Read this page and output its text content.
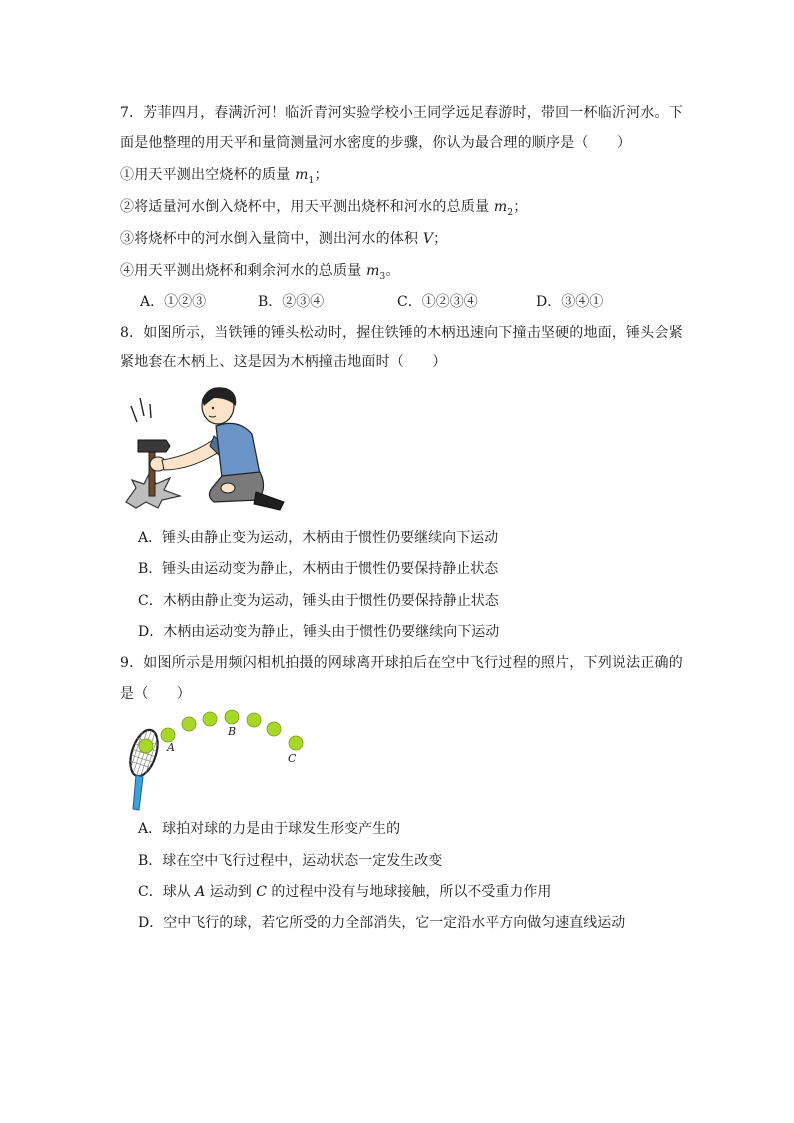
7．芳菲四月，春满沂河！临沂青河实验学校小王同学远足春游时，带回一杯临沂河水。下
面是他整理的用天平和量筒测量河水密度的步骤，你认为最合理的顺序是（　　）
①用天平测出空烧杯的质量 $m_1$；
②将适量河水倒入烧杯中，用天平测出烧杯和河水的总质量 $m_2$；
③将烧杯中的河水倒入量筒中，测出河水的体积 V；
④用天平测出烧杯和剩余河水的总质量 $m_3$。
A．①②③	B．②③④	C．①②③④	D．③④①
8．如图所示，当铁锤的锤头松动时，握住铁锤的木柄迅速向下撞击坚硬的地面，锤头会紧
紧地套在木柄上、这是因为木柄撞击地面时（　　）
A．锤头由静止变为运动，木柄由于惯性仍要继续向下运动
B．锤头由运动变为静止，木柄由于惯性仍要保持静止状态
C．木柄由静止变为运动，锤头由于惯性仍要保持静止状态
D．木柄由运动变为静止，锤头由于惯性仍要继续向下运动
9．如图所示是用频闪相机拍摄的网球离开球拍后在空中飞行过程的照片，下列说法正确的
是（　　）
A
B
C
A．球拍对球的力是由于球发生形变产生的
B．球在空中飞行过程中，运动状态一定发生改变
C．球从 A 运动到 C 的过程中没有与地球接触，所以不受重力作用
D．空中飞行的球，若它所受的力全部消失，它一定沿水平方向做匀速直线运动
